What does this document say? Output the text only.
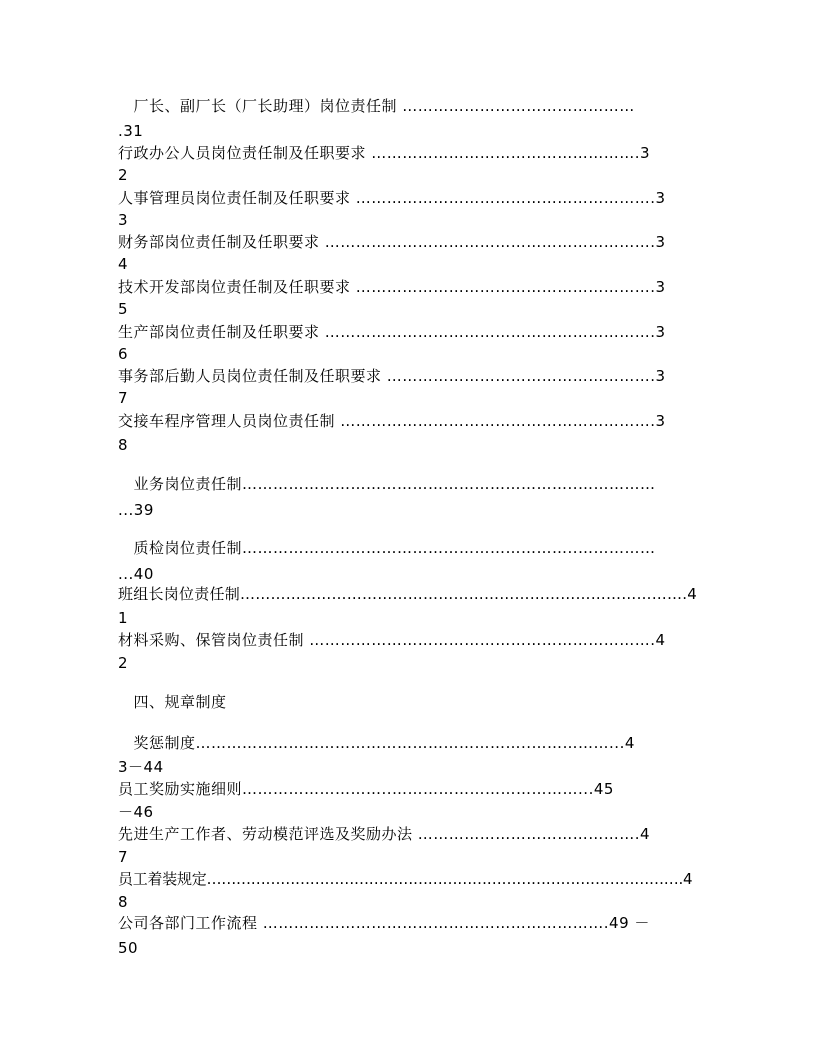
　厂长、副厂长（厂长助理）岗位责任制 ………………………………………
.31
行政办公人员岗位责任制及任职要求 …………………………………………….3
2
人事管理员岗位责任制及任职要求 ………………………………………………….3
3
财务部岗位责任制及任职要求 ……………………………………………………….3
4
技术开发部岗位责任制及任职要求 ………………………………………………….3
5
生产部岗位责任制及任职要求 ……………………………………………………….3
6
事务部后勤人员岗位责任制及任职要求 …………………………………………….3
7
交接车程序管理人员岗位责任制 …………………………………………………….3
8
　业务岗位责任制………………………………………………………..……………
...39
　质检岗位责任制………………………………………………………..……………
...40
班组长岗位责任制…………………………………………………………………………….4
1
材料采购、保管岗位责任制 ………………………………………………………….4
2
　四、规章制度
　奖惩制度………………………………………………………..……………...4
3－44
员工奖励实施细则………………………..………………………………...45
－46
先进生产工作者、劳动模范评选及奖励办法 …………………………………….4
7
员工着装规定…………………………………………………………………………………….4
8
公司各部门工作流程 ………………………………………………………….49 －
50
